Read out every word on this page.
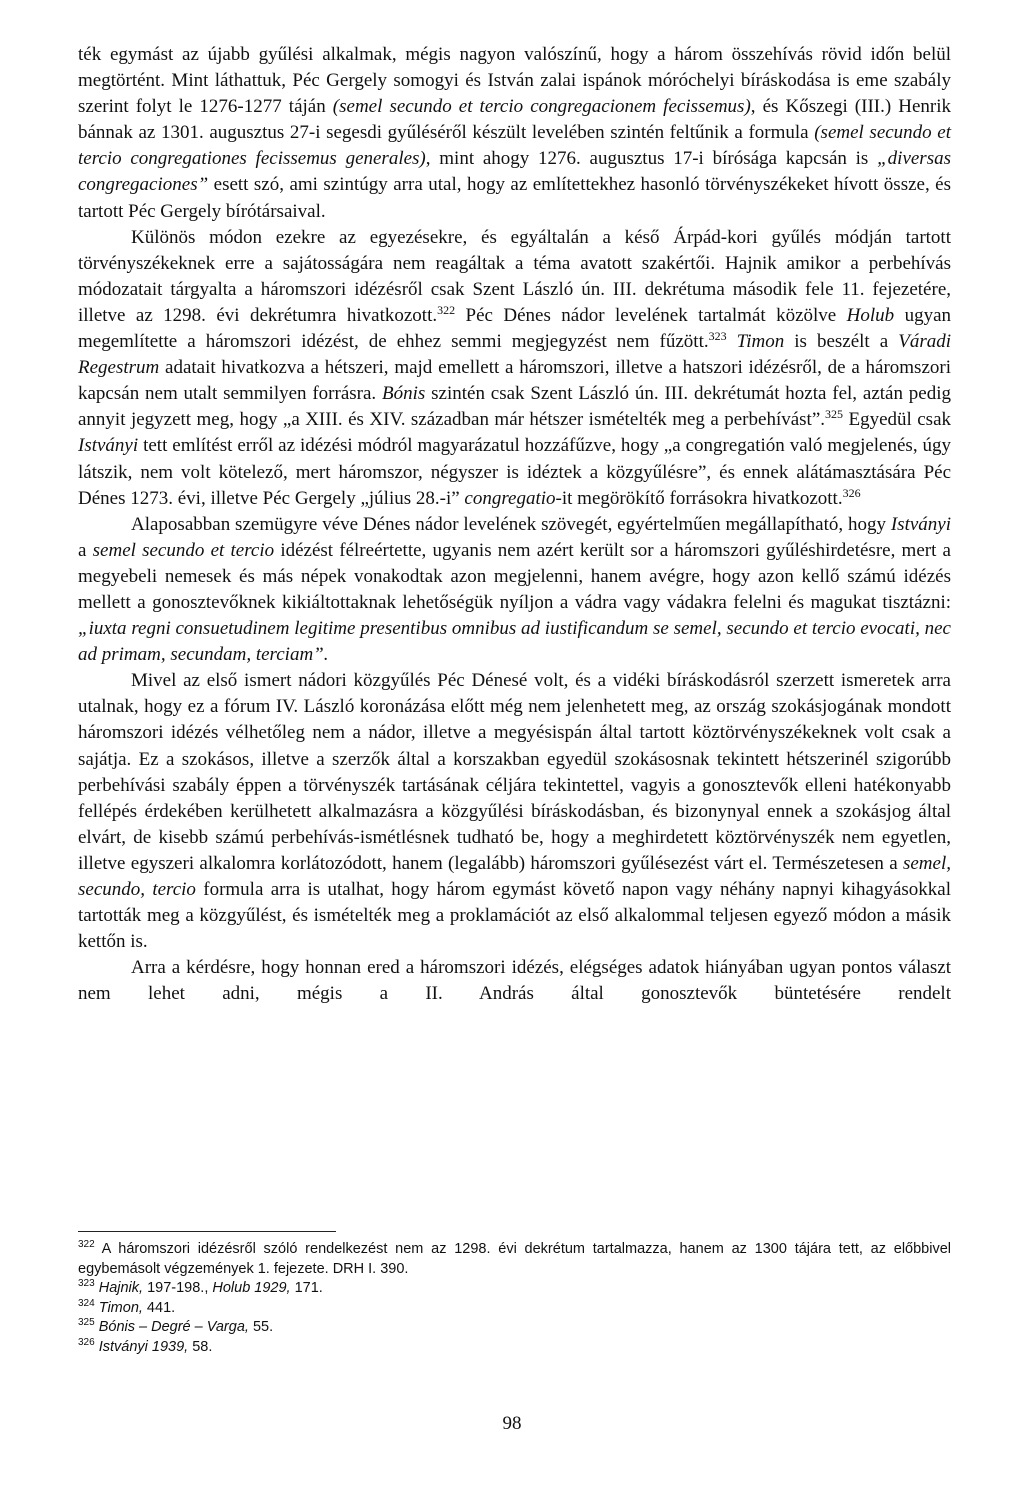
ték egymást az újabb gyűlési alkalmak, mégis nagyon valószínű, hogy a három összehívás rövid időn belül megtörtént. Mint láthattuk, Péc Gergely somogyi és István zalai ispánok móróchelyi bíráskodása is eme szabály szerint folyt le 1276-1277 táján (semel secundo et tercio congregacionem fecissemus), és Kőszegi (III.) Henrik bánnak az 1301. augusztus 27-i segesdi gyűléséről készült levelében szintén feltűnik a formula (semel secundo et tercio congregationes fecissemus generales), mint ahogy 1276. augusztus 17-i bírósága kapcsán is „diversas congregaciones” esett szó, ami szintúgy arra utal, hogy az említettekhez hasonló törvényszékeket hívott össze, és tartott Péc Gergely bírótársaival.

Különös módon ezekre az egyezésekre, és egyáltalán a késő Árpád-kori gyűlés módján tartott törvényszékeknek erre a sajátosságára nem reagáltak a téma avatott szakértői. Hajnik amikor a perbehívás módozatait tárgyalta a háromszori idézésről csak Szent László ún. III. dekrétuma második fele 11. fejezetére, illetve az 1298. évi dekrétumra hivatkozott.$^{322}$ Péc Dénes nádor levelének tartalmát közölve Holub ugyan megemlítette a háromszori idézést, de ehhez semmi megjegyzést nem fűzött.$^{323}$ Timon is beszélt a Váradi Regestrum adatait hivatkozva a hétszeri, majd emellett a háromszori, illetve a hatszori idézésről, de a háromszori kapcsán nem utalt semmilyen forrásra. Bónis szintén csak Szent László ún. III. dekrétumát hozta fel, aztán pedig annyit jegyzett meg, hogy „a XIII. és XIV. században már hétszer ismételték meg a perbehívást”.$^{325}$ Egyedül csak Istványi tett említést erről az idézési módról magyarázatul hozzáfűzve, hogy „a congregatión való megjelenés, úgy látszik, nem volt kötelező, mert háromszor, négyszer is idéztek a közgyűlésre”, és ennek alátámasztására Péc Dénes 1273. évi, illetve Péc Gergely „július 28.-i” congregatio-it megörökítő forrásokra hivatkozott.$^{326}$

Alaposabban szemügyre véve Dénes nádor levelének szövegét, egyértelműen megállapítható, hogy Istványi a semel secundo et tercio idézést félreértette, ugyanis nem azért került sor a háromszori gyűléshirdetésre, mert a megyebeli nemesek és más népek vonakodtak azon megjelenni, hanem avégre, hogy azon kellő számú idézés mellett a gonosztevőknek kikiáltottaknak lehetőségük nyíljon a vádra vagy vádakra felelni és magukat tisztázni: „iuxta regni consuetudinem legitime presentibus omnibus ad iustificandum se semel, secundo et tercio evocati, nec ad primam, secundam, terciam”.

Mivel az első ismert nádori közgyűlés Péc Dénesé volt, és a vidéki bíráskodásról szerzett ismeretek arra utalnak, hogy ez a fórum IV. László koronázása előtt még nem jelenhetett meg, az ország szokásjogának mondott háromszori idézés vélhetőleg nem a nádor, illetve a megyésispán által tartott köztörvényszékeknek volt csak a sajátja. Ez a szokásos, illetve a szerzők által a korszakban egyedül szokásosnak tekintett hétszerinél szigorúbb perbehívási szabály éppen a törvényszék tartásának céljára tekintettel, vagyis a gonosztevők elleni hatékonyabb fellépés érdekében kerülhetett alkalmazásra a közgyűlési bíráskodásban, és bizonynyal ennek a szokásjog által elvárt, de kisebb számú perbehívás-ismétlésnek tudható be, hogy a meghirdetett köztörvényszék nem egyetlen, illetve egyszeri alkalomra korlátozódott, hanem (legalább) háromszori gyűlésezést várt el. Természetesen a semel, secundo, tercio formula arra is utalhat, hogy három egymást követő napon vagy néhány napnyi kihagyásokkal tartották meg a közgyűlést, és ismételték meg a proklamációt az első alkalommal teljesen egyező módon a másik kettőn is.

Arra a kérdésre, hogy honnan ered a háromszori idézés, elégséges adatok hiányában ugyan pontos választ nem lehet adni, mégis a II. András által gonosztevők büntetésére rendelt

$^{322}$ A háromszori idézésről szóló rendelkezést nem az 1298. évi dekrétum tartalmazza, hanem az 1300 tájára tett, az előbbivel egybemásolt végzemények 1. fejezete. DRH I. 390.

$^{323}$ Hajnik, 197-198., Holub 1929, 171.

$^{324}$ Timon, 441.

$^{325}$ Bónis – Degré – Varga, 55.

$^{326}$ Istványi 1939, 58.

98
